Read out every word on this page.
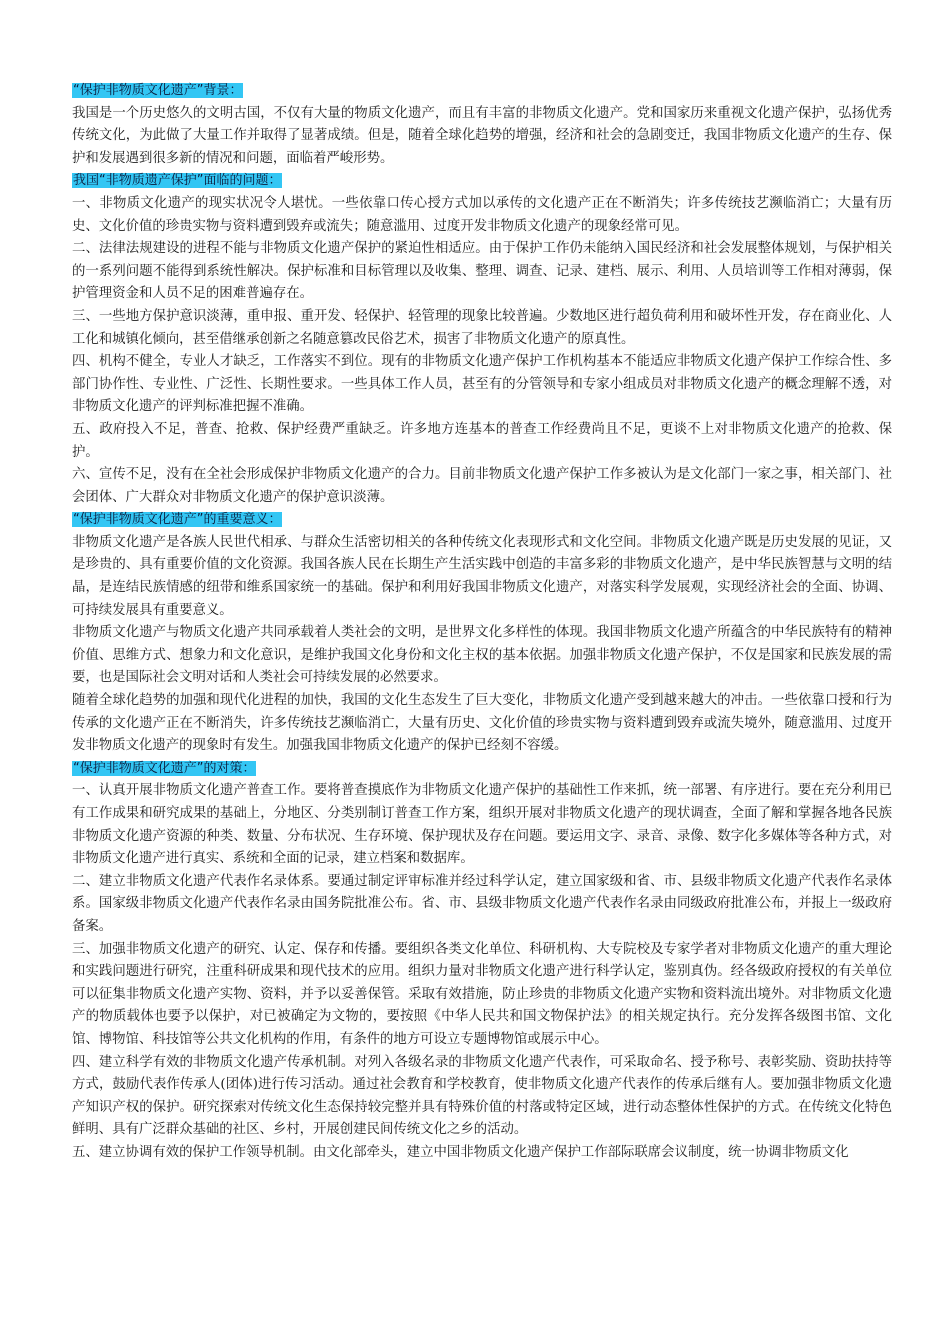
“保护非物质文化遗产”背景：

我国是一个历史悠久的文明古国，不仅有大量的物质文化遗产，而且有丰富的非物质文化遗产。党和国家历来重视文化遗产保护，弘扬优秀传统文化，为此做了大量工作并取得了显著成绩。但是，随着全球化趋势的增强，经济和社会的急剧变迁，我国非物质文化遗产的生存、保护和发展遇到很多新的情况和问题，面临着严峻形势。

我国“非物质遗产保护”面临的问题：

一、非物质文化遗产的现实状况令人堪忧。一些依靠口传心授方式加以承传的文化遗产正在不断消失；许多传统技艺濒临消亡；大量有历史、文化价值的珍贵实物与资料遭到毁弃或流失；随意滥用、过度开发非物质文化遗产的现象经常可见。

二、法律法规建设的进程不能与非物质文化遗产保护的紧迫性相适应。由于保护工作仍未能纳入国民经济和社会发展整体规划，与保护相关的一系列问题不能得到系统性解决。保护标准和目标管理以及收集、整理、调查、记录、建档、展示、利用、人员培训等工作相对薄弱，保护管理资金和人员不足的困难普遍存在。

三、一些地方保护意识淡薄，重申报、重开发、轻保护、轻管理的现象比较普遍。少数地区进行超负荷利用和破坏性开发，存在商业化、人工化和城镇化倾向，甚至借继承创新之名随意篡改民俗艺术，损害了非物质文化遗产的原真性。

四、机构不健全，专业人才缺乏，工作落实不到位。现有的非物质文化遗产保护工作机构基本不能适应非物质文化遗产保护工作综合性、多部门协作性、专业性、广泛性、长期性要求。一些具体工作人员，甚至有的分管领导和专家小组成员对非物质文化遗产的概念理解不透，对非物质文化遗产的评判标准把握不准确。

五、政府投入不足，普查、抢救、保护经费严重缺乏。许多地方连基本的普查工作经费尚且不足，更谈不上对非物质文化遗产的抢救、保护。

六、宣传不足，没有在全社会形成保护非物质文化遗产的合力。目前非物质文化遗产保护工作多被认为是文化部门一家之事，相关部门、社会团体、广大群众对非物质文化遗产的保护意识淡薄。

“保护非物质文化遗产”的重要意义：

非物质文化遗产是各族人民世代相承、与群众生活密切相关的各种传统文化表现形式和文化空间。非物质文化遗产既是历史发展的见证，又是珍贵的、具有重要价值的文化资源。我国各族人民在长期生产生活实践中创造的丰富多彩的非物质文化遗产，是中华民族智慧与文明的结晶，是连结民族情感的纽带和维系国家统一的基础。保护和利用好我国非物质文化遗产，对落实科学发展观，实现经济社会的全面、协调、可持续发展具有重要意义。

非物质文化遗产与物质文化遗产共同承载着人类社会的文明，是世界文化多样性的体现。我国非物质文化遗产所蕴含的中华民族特有的精神价值、思维方式、想象力和文化意识，是维护我国文化身份和文化主权的基本依据。加强非物质文化遗产保护，不仅是国家和民族发展的需要，也是国际社会文明对话和人类社会可持续发展的必然要求。

随着全球化趋势的加强和现代化进程的加快，我国的文化生态发生了巨大变化，非物质文化遗产受到越来越大的冲击。一些依靠口授和行为传承的文化遗产正在不断消失，许多传统技艺濒临消亡，大量有历史、文化价值的珍贵实物与资料遭到毁弃或流失境外，随意滥用、过度开发非物质文化遗产的现象时有发生。加强我国非物质文化遗产的保护已经刻不容缓。

“保护非物质文化遗产”的对策：

一、认真开展非物质文化遗产普查工作。要将普查摸底作为非物质文化遗产保护的基础性工作来抓，统一部署、有序进行。要在充分利用已有工作成果和研究成果的基础上，分地区、分类别制订普查工作方案，组织开展对非物质文化遗产的现状调查，全面了解和掌握各地各民族非物质文化遗产资源的种类、数量、分布状况、生存环境、保护现状及存在问题。要运用文字、录音、录像、数字化多媒体等各种方式，对非物质文化遗产进行真实、系统和全面的记录，建立档案和数据库。

二、建立非物质文化遗产代表作名录体系。要通过制定评审标准并经过科学认定，建立国家级和省、市、县级非物质文化遗产代表作名录体系。国家级非物质文化遗产代表作名录由国务院批准公布。省、市、县级非物质文化遗产代表作名录由同级政府批准公布，并报上一级政府备案。

三、加强非物质文化遗产的研究、认定、保存和传播。要组织各类文化单位、科研机构、大专院校及专家学者对非物质文化遗产的重大理论和实践问题进行研究，注重科研成果和现代技术的应用。组织力量对非物质文化遗产进行科学认定，鉴别真伪。经各级政府授权的有关单位可以征集非物质文化遗产实物、资料，并予以妥善保管。采取有效措施，防止珍贵的非物质文化遗产实物和资料流出境外。对非物质文化遗产的物质载体也要予以保护，对已被确定为文物的，要按照《中华人民共和国文物保护法》的相关规定执行。充分发挥各级图书馆、文化馆、博物馆、科技馆等公共文化机构的作用，有条件的地方可设立专题博物馆或展示中心。

四、建立科学有效的非物质文化遗产传承机制。对列入各级名录的非物质文化遗产代表作，可采取命名、授予称号、表彰奖励、资助扶持等方式，鼓励代表作传承人(团体)进行传习活动。通过社会教育和学校教育，使非物质文化遗产代表作的传承后继有人。要加强非物质文化遗产知识产权的保护。研究探索对传统文化生态保持较完整并具有特殊价值的村落或特定区域，进行动态整体性保护的方式。在传统文化特色鲜明、具有广泛群众基础的社区、乡村，开展创建民间传统文化之乡的活动。

五、建立协调有效的保护工作领导机制。由文化部牵头，建立中国非物质文化遗产保护工作部际联席会议制度，统一协调非物质文化
